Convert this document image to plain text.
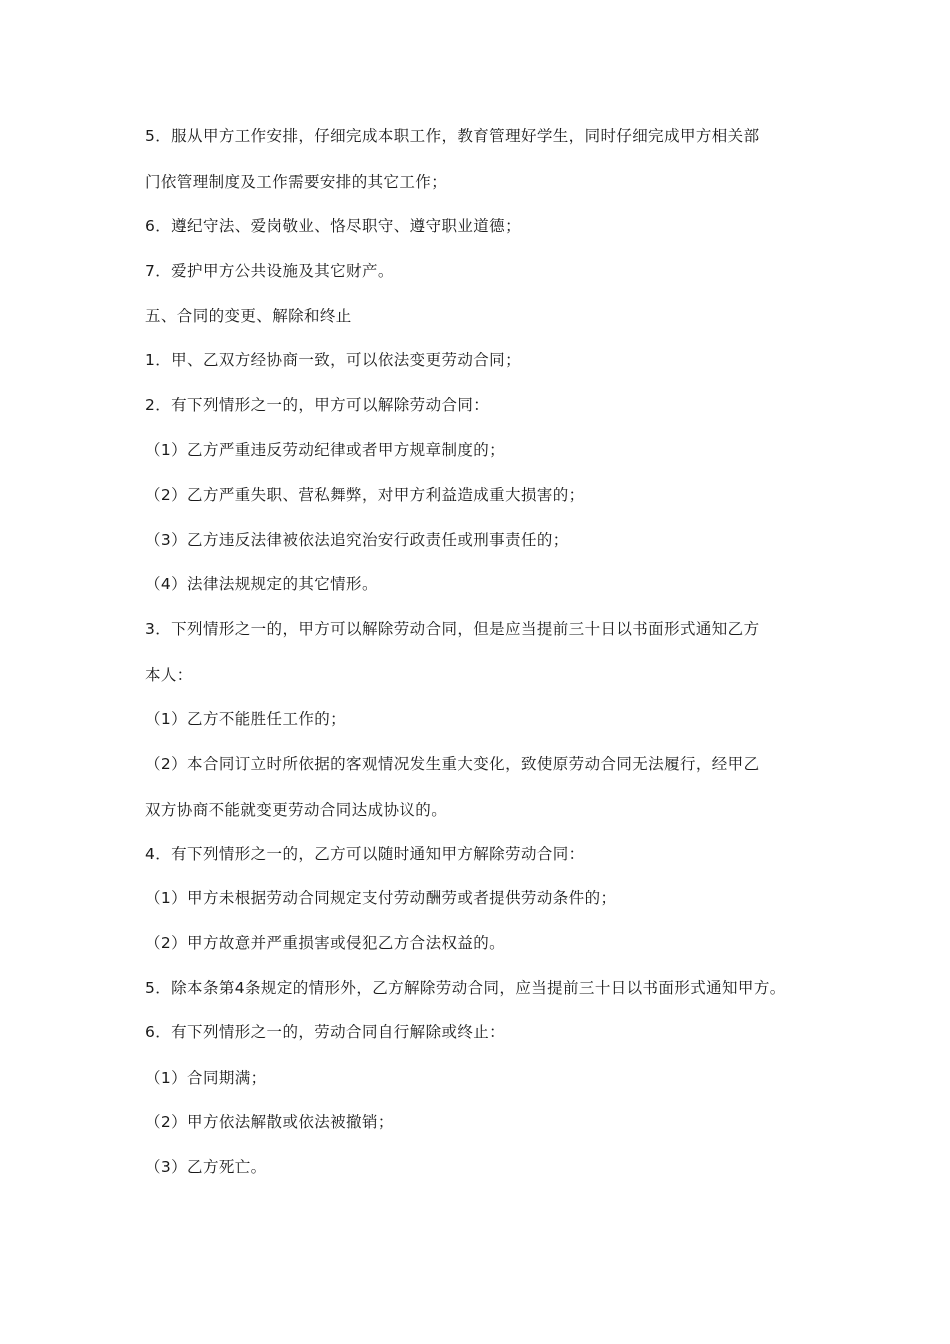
5．服从甲方工作安排，仔细完成本职工作，教育管理好学生，同时仔细完成甲方相关部

门依管理制度及工作需要安排的其它工作；

6．遵纪守法、爱岗敬业、恪尽职守、遵守职业道德；

7．爱护甲方公共设施及其它财产。

五、合同的变更、解除和终止

1．甲、乙双方经协商一致，可以依法变更劳动合同；

2．有下列情形之一的，甲方可以解除劳动合同：

（1）乙方严重违反劳动纪律或者甲方规章制度的；

（2）乙方严重失职、营私舞弊，对甲方利益造成重大损害的；

（3）乙方违反法律被依法追究治安行政责任或刑事责任的；

（4）法律法规规定的其它情形。

3．下列情形之一的，甲方可以解除劳动合同，但是应当提前三十日以书面形式通知乙方

本人：

（1）乙方不能胜任工作的；

（2）本合同订立时所依据的客观情况发生重大变化，致使原劳动合同无法履行，经甲乙

双方协商不能就变更劳动合同达成协议的。

4．有下列情形之一的，乙方可以随时通知甲方解除劳动合同：

（1）甲方未根据劳动合同规定支付劳动酬劳或者提供劳动条件的；

（2）甲方故意并严重损害或侵犯乙方合法权益的。

5．除本条第4条规定的情形外，乙方解除劳动合同，应当提前三十日以书面形式通知甲方。

6．有下列情形之一的，劳动合同自行解除或终止：

（1）合同期满；

（2）甲方依法解散或依法被撤销；

（3）乙方死亡。
